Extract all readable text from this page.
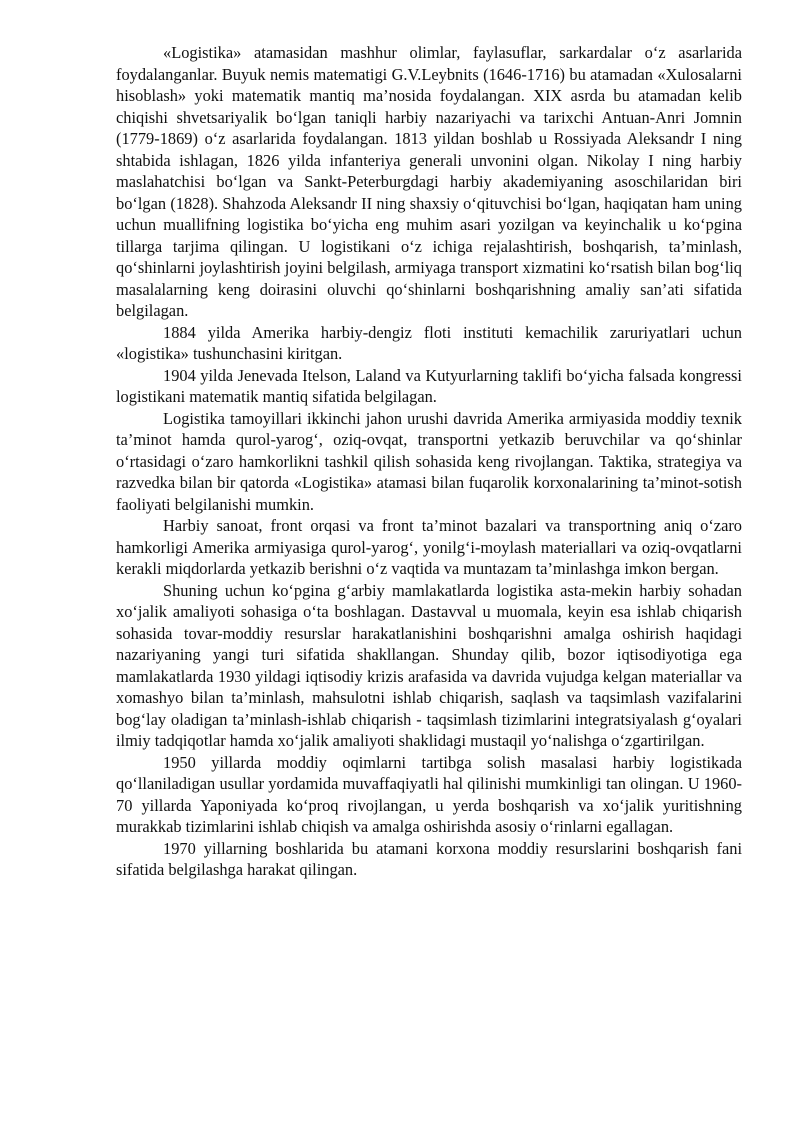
«Logistika» atamasidan mashhur olimlar, faylasuflar, sarkardalar o‘z asarlarida foydalanganlar. Buyuk nemis matematigi G.V.Leybnits (1646-1716) bu atamadan «Xulosalarni hisoblash» yoki matematik mantiq ma’nosida foydalangan. XIX asrda bu atamadan kelib chiqishi shvetsariyalik bo‘lgan taniqli harbiy nazariyachi va tarixchi Antuan-Anri Jomnin (1779-1869) o‘z asarlarida foydalangan. 1813 yildan boshlab u Rossiyada Aleksandr I ning shtabida ishlagan, 1826 yilda infanteriya generali unvonini olgan. Nikolay I ning harbiy maslahatchisi bo‘lgan va Sankt-Peterburgdagi harbiy akademiyaning asoschilaridan biri bo‘lgan (1828). Shahzoda Aleksandr II ning shaxsiy o‘qituvchisi bo‘lgan, haqiqatan ham uning uchun muallifning logistika bo‘yicha eng muhim asari yozilgan va keyinchalik u ko‘pgina tillarga tarjima qilingan. U logistikani o‘z ichiga rejalashtirish, boshqarish, ta’minlash, qo‘shinlarni joylashtirish joyini belgilash, armiyaga transport xizmatini ko‘rsatish bilan bog‘liq masalalarning keng doirasini oluvchi qo‘shinlarni boshqarishning amaliy san’ati sifatida belgilagan.

1884 yilda Amerika harbiy-dengiz floti instituti kemachilik zaruriyatlari uchun «logistika» tushunchasini kiritgan.

1904 yilda Jenevada Itelson, Laland va Kutyurlarning taklifi bo‘yicha falsada kongressi logistikani matematik mantiq sifatida belgilagan.

Logistika tamoyillari ikkinchi jahon urushi davrida Amerika armiyasida moddiy texnik ta’minot hamda qurol-yarog‘, oziq-ovqat, transportni yetkazib beruvchilar va qo‘shinlar o‘rtasidagi o‘zaro hamkorlikni tashkil qilish sohasida keng rivojlangan. Taktika, strategiya va razvedka bilan bir qatorda «Logistika» atamasi bilan fuqarolik korxonalarining ta’minot-sotish faoliyati belgilanishi mumkin.

Harbiy sanoat, front orqasi va front ta’minot bazalari va transportning aniq o‘zaro hamkorligi Amerika armiyasiga qurol-yarog‘, yonilg‘i-moylash materiallari va oziq-ovqatlarni kerakli miqdorlarda yetkazib berishni o‘z vaqtida va muntazam ta’minlashga imkon bergan.

Shuning uchun ko‘pgina g‘arbiy mamlakatlarda logistika asta-mekin harbiy sohadan xo‘jalik amaliyoti sohasiga o‘ta boshlagan. Dastavval u muomala, keyin esa ishlab chiqarish sohasida tovar-moddiy resurslar harakatlanishini boshqarishni amalga oshirish haqidagi nazariyaning yangi turi sifatida shakllangan. Shunday qilib, bozor iqtisodiyotiga ega mamlakatlarda 1930 yildagi iqtisodiy krizis arafasida va davrida vujudga kelgan materiallar va xomashyo bilan ta’minlash, mahsulotni ishlab chiqarish, saqlash va taqsimlash vazifalarini bog‘lay oladigan ta’minlash-ishlab chiqarish - taqsimlash tizimlarini integratsiyalash g‘oyalari ilmiy tadqiqotlar hamda xo‘jalik amaliyoti shaklidagi mustaqil yo‘nalishga o‘zgartirilgan.

1950 yillarda moddiy oqimlarni tartibga solish masalasi harbiy logistikada qo‘llaniladigan usullar yordamida muvaffaqiyatli hal qilinishi mumkinligi tan olingan. U 1960-70 yillarda Yaponiyada ko‘proq rivojlangan, u yerda boshqarish va xo‘jalik yuritishning murakkab tizimlarini ishlab chiqish va amalga oshirishda asosiy o‘rinlarni egallagan.

1970 yillarning boshlarida bu atamani korxona moddiy resurslarini boshqarish fani sifatida belgilashga harakat qilingan.
